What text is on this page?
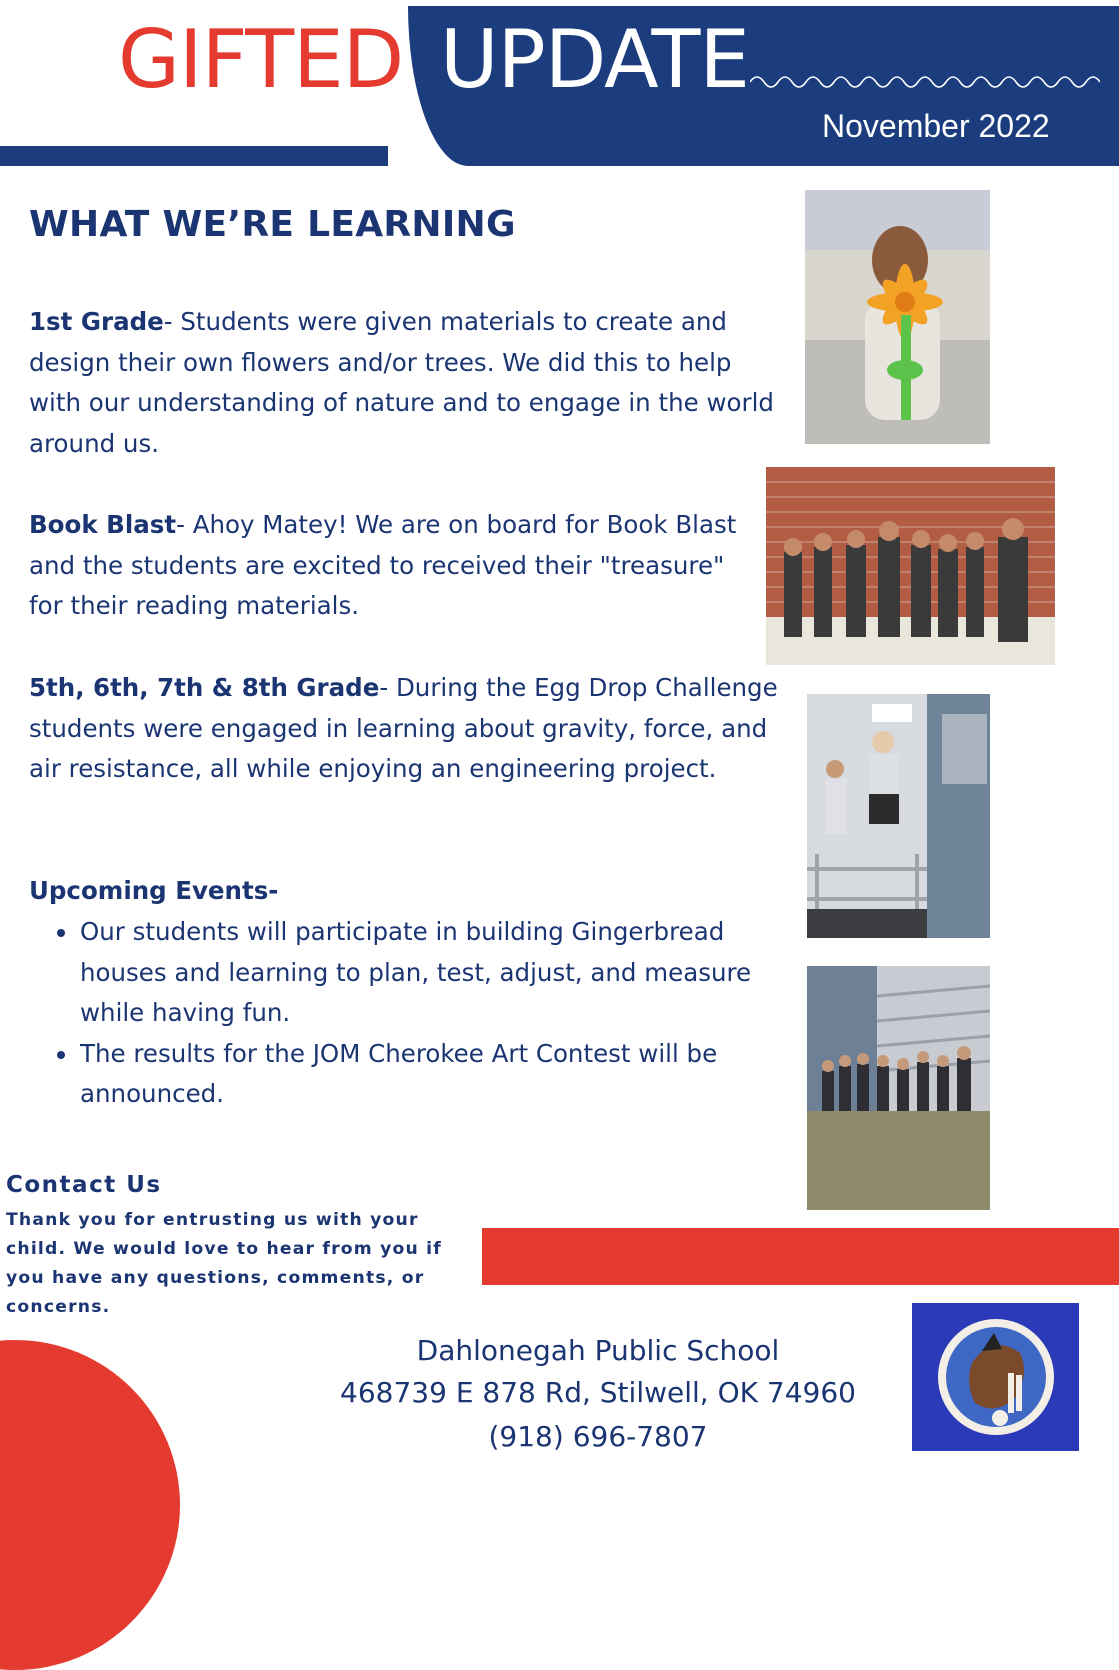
GIFTED UPDATE
November 2022
WHAT WE’RE LEARNING
1st Grade- Students were given materials to create and design their own flowers and/or trees. We did this to help with our understanding of nature and to engage in the world around us.
Book Blast- Ahoy Matey! We are on board for Book Blast and the students are excited to received their "treasure" for their reading materials.
5th, 6th, 7th & 8th Grade- During the Egg Drop Challenge students were engaged in learning about gravity, force, and air resistance, all while enjoying an engineering project.
Upcoming Events-
Our students will participate in building Gingerbread houses and learning to plan, test, adjust, and measure while having fun.
The results for the JOM Cherokee Art Contest will be announced.
Contact Us
Thank you for entrusting us with your child. We would love to hear from you if you have any questions, comments, or concerns.
Dahlonegah Public School
468739 E 878 Rd, Stilwell, OK 74960
(918) 696-7807
